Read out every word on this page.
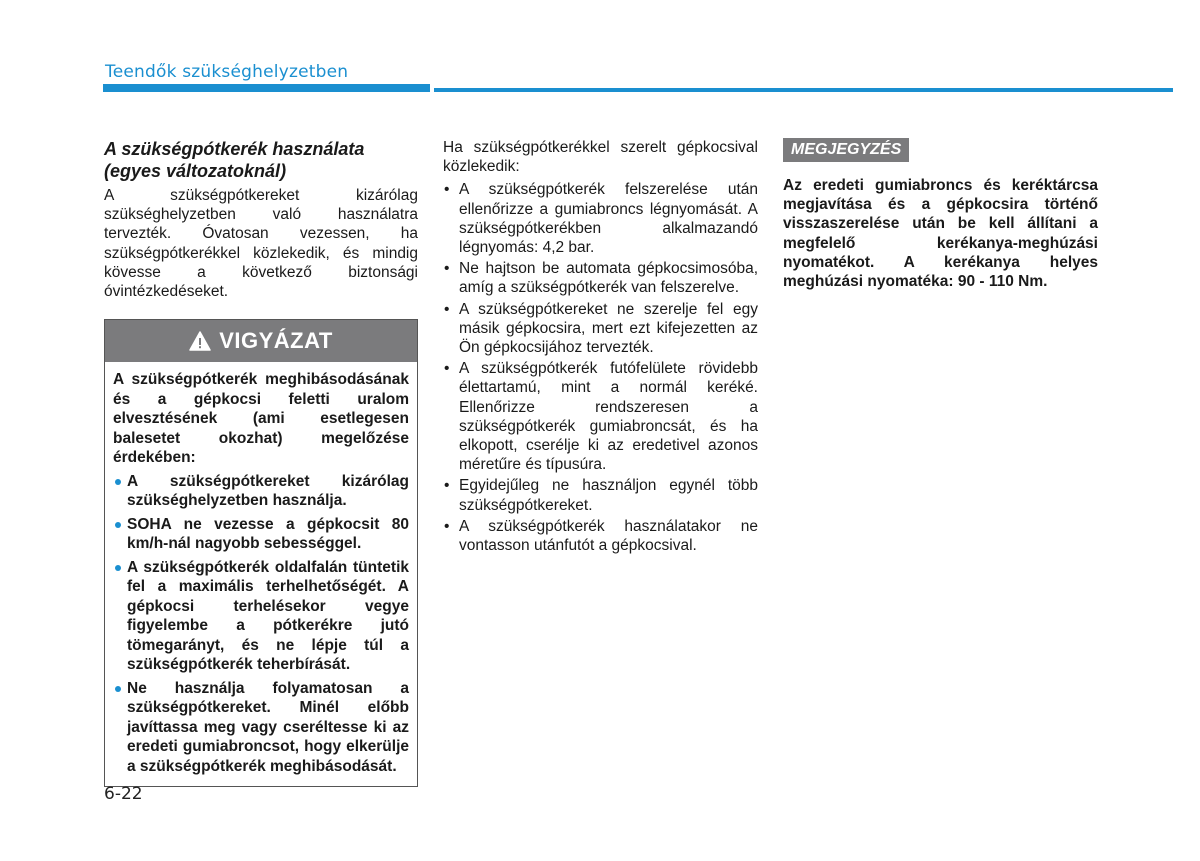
Teendők szükséghelyzetben
A szükségpótkerék használata
(egyes változatoknál)

A szükségpótkereket kizárólag szükséghelyzetben való használatra tervezték. Óvatosan vezessen, ha szükségpótkerékkel közlekedik, és mindig kövesse a következő biztonsági óvintézkedéseket.

VIGYÁZAT

A szükségpótkerék meghibásodásának és a gépkocsi feletti uralom elvesztésének (ami esetlegesen balesetet okozhat) megelőzése érdekében:

A szükségpótkereket kizárólag szükséghelyzetben használja.
SOHA ne vezesse a gépkocsit 80 km/h-nál nagyobb sebességgel.
A szükségpótkerék oldalfalán tüntetik fel a maximális terhelhetőségét. A gépkocsi terhelésekor vegye figyelembe a pótkerékre jutó tömegarányt, és ne lépje túl a szükségpótkerék teherbírását.
Ne használja folyamatosan a szükségpótkereket. Minél előbb javíttassa meg vagy cseréltesse ki az eredeti gumiabroncsot, hogy elkerülje a szükségpótkerék meghibásodását.

Ha szükségpótkerékkel szerelt gépkocsival közlekedik:

• A szükségpótkerék felszerelése után ellenőrizze a gumiabroncs légnyomását. A szükségpótkerékben alkalmazandó légnyomás: 4,2 bar.
• Ne hajtson be automata gépkocsimosóba, amíg a szükségpótkerék van felszerelve.
• A szükségpótkereket ne szerelje fel egy másik gépkocsira, mert ezt kifejezetten az Ön gépkocsijához tervezték.
• A szükségpótkerék futófelülete rövidebb élettartamú, mint a normál keréké. Ellenőrizze rendszeresen a szükségpótkerék gumiabroncsát, és ha elkopott, cserélje ki az eredetivel azonos méretűre és típusúra.
• Egyidejűleg ne használjon egynél több szükségpótkereket.
• A szükségpótkerék használatakor ne vontasson utánfutót a gépkocsival.
MEGJEGYZÉS

Az eredeti gumiabroncs és keréktárcsa megjavítása és a gépkocsira történő visszaszerelése után be kell állítani a megfelelő kerékanya-meghúzási nyomatékot. A kerékanya helyes meghúzási nyomatéka: 90 - 110 Nm.

6-22
